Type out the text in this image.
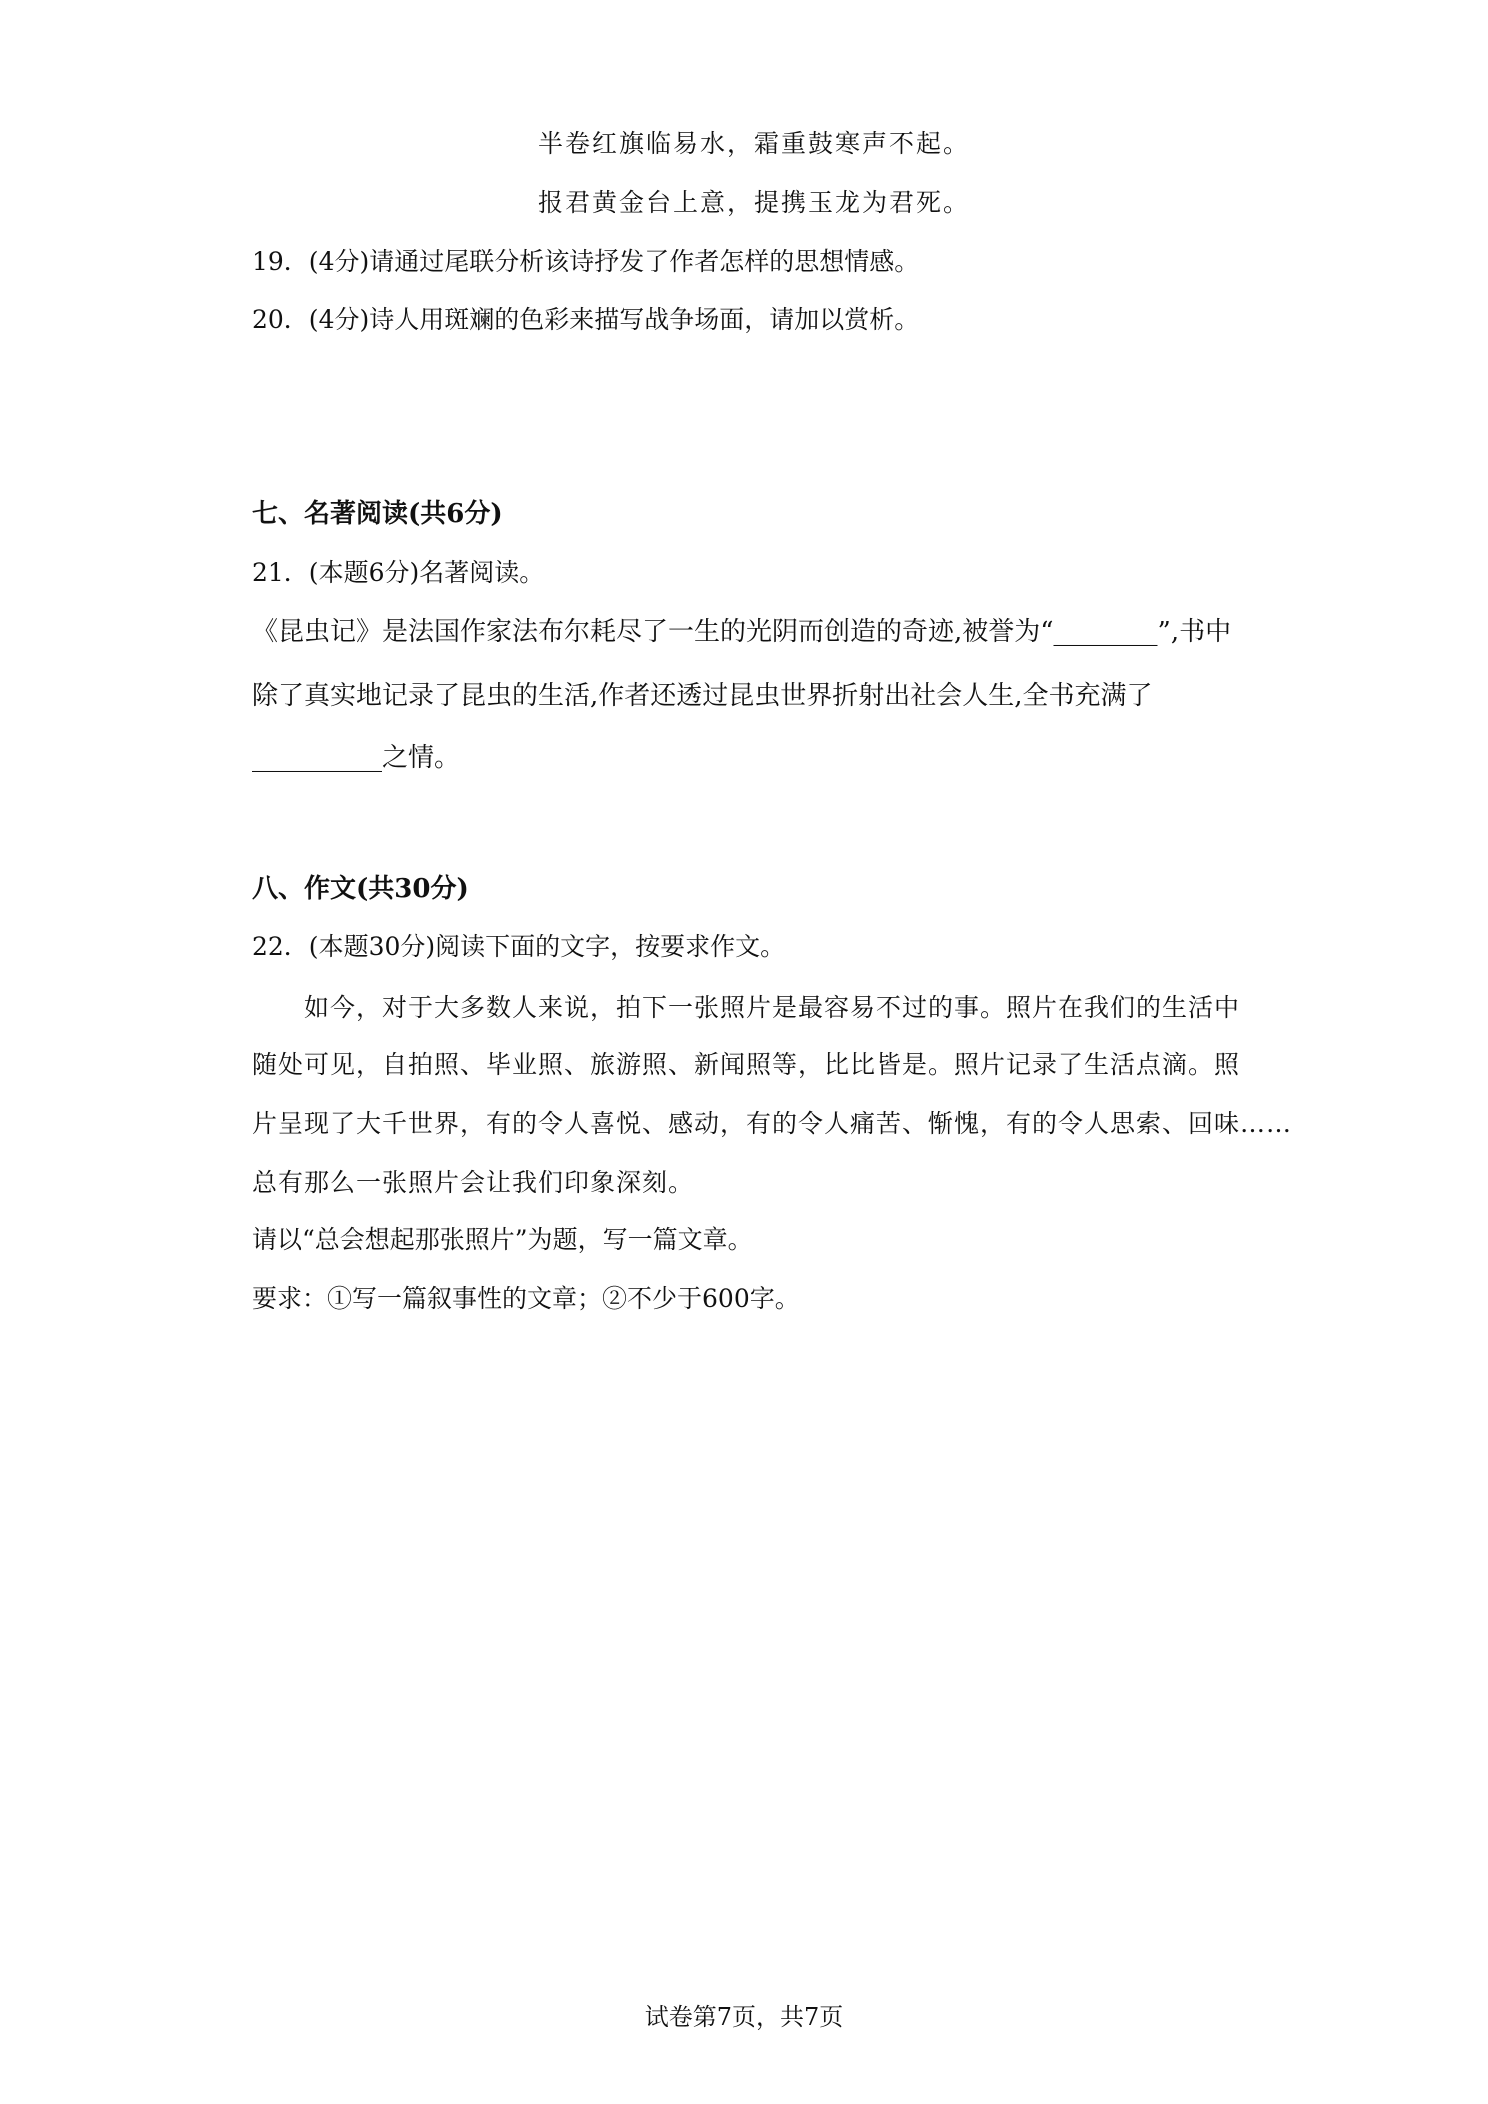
半卷红旗临易水，霜重鼓寒声不起。
报君黄金台上意，提携玉龙为君死。
19．(4分)请通过尾联分析该诗抒发了作者怎样的思想情感。
20．(4分)诗人用斑斓的色彩来描写战争场面，请加以赏析。
七、名著阅读(共6分)
21．(本题6分)名著阅读。
《昆虫记》是法国作家法布尔耗尽了一生的光阴而创造的奇迹,被誉为“________”,书中
除了真实地记录了昆虫的生活,作者还透过昆虫世界折射出社会人生,全书充满了
__________之情。
八、作文(共30分)
22．(本题30分)阅读下面的文字，按要求作文。
如今，对于大多数人来说，拍下一张照片是最容易不过的事。照片在我们的生活中
随处可见，自拍照、毕业照、旅游照、新闻照等，比比皆是。照片记录了生活点滴。照
片呈现了大千世界，有的令人喜悦、感动，有的令人痛苦、惭愧，有的令人思索、回味……
总有那么一张照片会让我们印象深刻。
请以“总会想起那张照片”为题，写一篇文章。
要求：①写一篇叙事性的文章；②不少于600字。
试卷第7页，共7页
